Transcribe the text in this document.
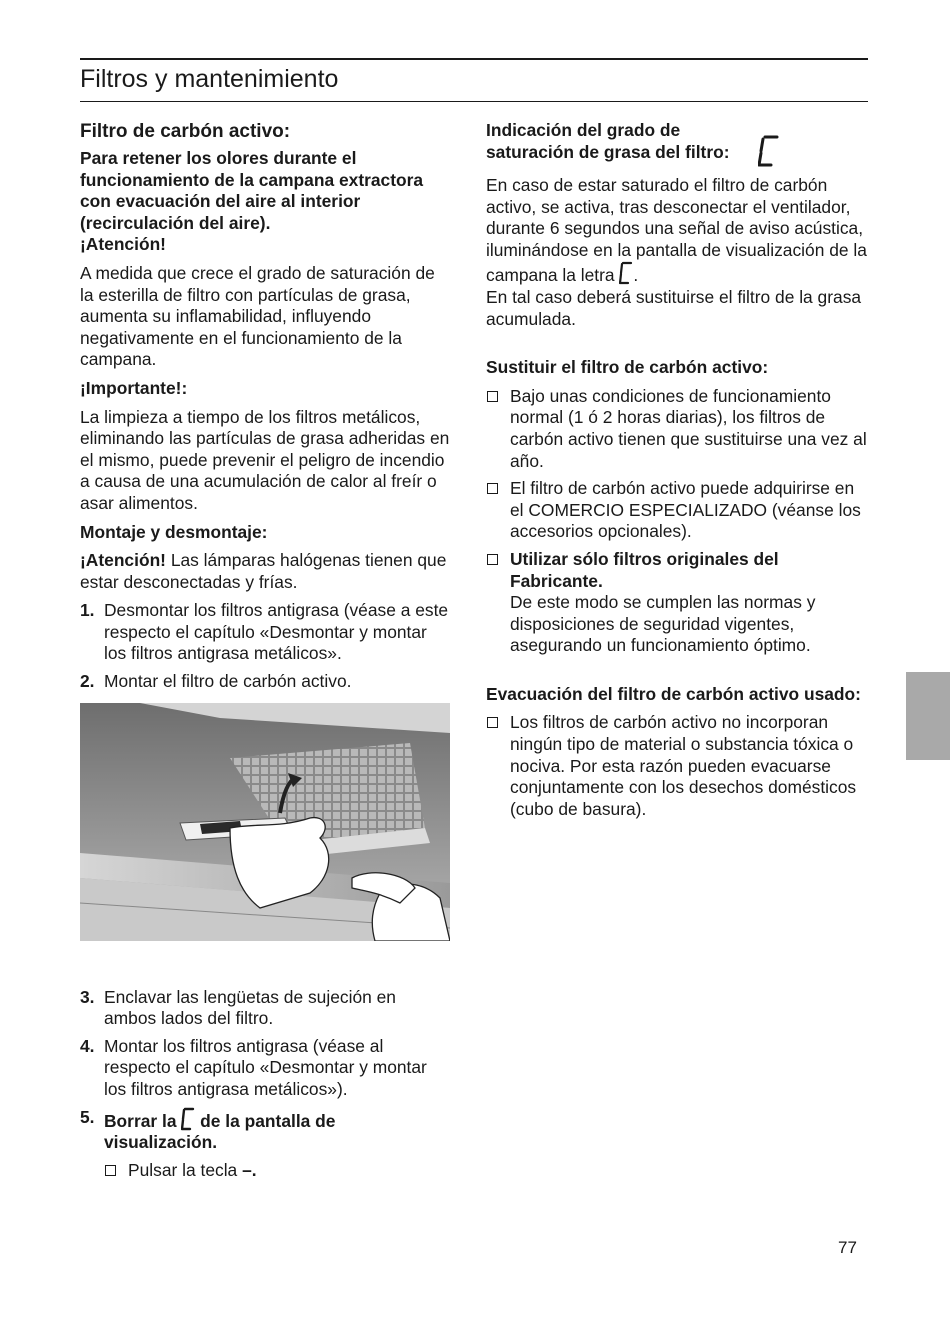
Filtros y mantenimiento
Filtro de carbón activo:

Para retener los olores durante el funcionamiento de la campana extractora con evacuación del aire al interior (recirculación del aire).
¡Atención!

A medida que crece el grado de saturación de la esterilla de filtro con partículas de grasa, aumenta su inflamabilidad, influyendo negativamente en el funcionamiento de la campana.

¡Importante!:

La limpieza a tiempo de los filtros metálicos, eliminando las partículas de grasa adheridas en el mismo, puede prevenir el peligro de incendio a causa de una acumulación de calor al freír o asar alimentos.

Montaje y desmontaje:

¡Atención! Las lámparas halógenas tienen que estar desconectadas y frías.

1. Desmontar los filtros antigrasa (véase a este respecto el capítulo «Desmontar y montar los filtros antigrasa metálicos».
2. Montar el filtro de carbón activo.
3. Enclavar las lengüetas de sujeción en ambos lados del filtro.
4. Montar los filtros antigrasa (véase al respecto el capítulo «Desmontar y montar los filtros antigrasa metálicos»).
5. Borrar la  de la pantalla de visualización.
Pulsar la tecla –.

Indicación del grado de saturación de grasa del filtro:

En caso de estar saturado el filtro de carbón activo, se activa, tras desconectar el ventilador, durante 6 segundos una señal de aviso acústica, iluminándose en la pantalla de visualización de la campana la letra .
En tal caso deberá sustituirse el filtro de la grasa acumulada.

Sustituir el filtro de carbón activo:

Bajo unas condiciones de funcionamiento normal (1 ó 2 horas diarias), los filtros de carbón activo tienen que sustituirse una vez al año.
El filtro de carbón activo puede adquirirse en el COMERCIO ESPECIALIZADO (véanse los accesorios opcionales).
Utilizar sólo filtros originales del Fabricante.
De este modo se cumplen las normas y disposiciones de seguridad vigentes, asegurando un funcionamiento óptimo.

Evacuación del filtro de carbón activo usado:

Los filtros de carbón activo no incorporan ningún tipo de material o substancia tóxica o nociva. Por esta razón pueden evacuarse conjuntamente con los desechos domésticos (cubo de basura).
77
